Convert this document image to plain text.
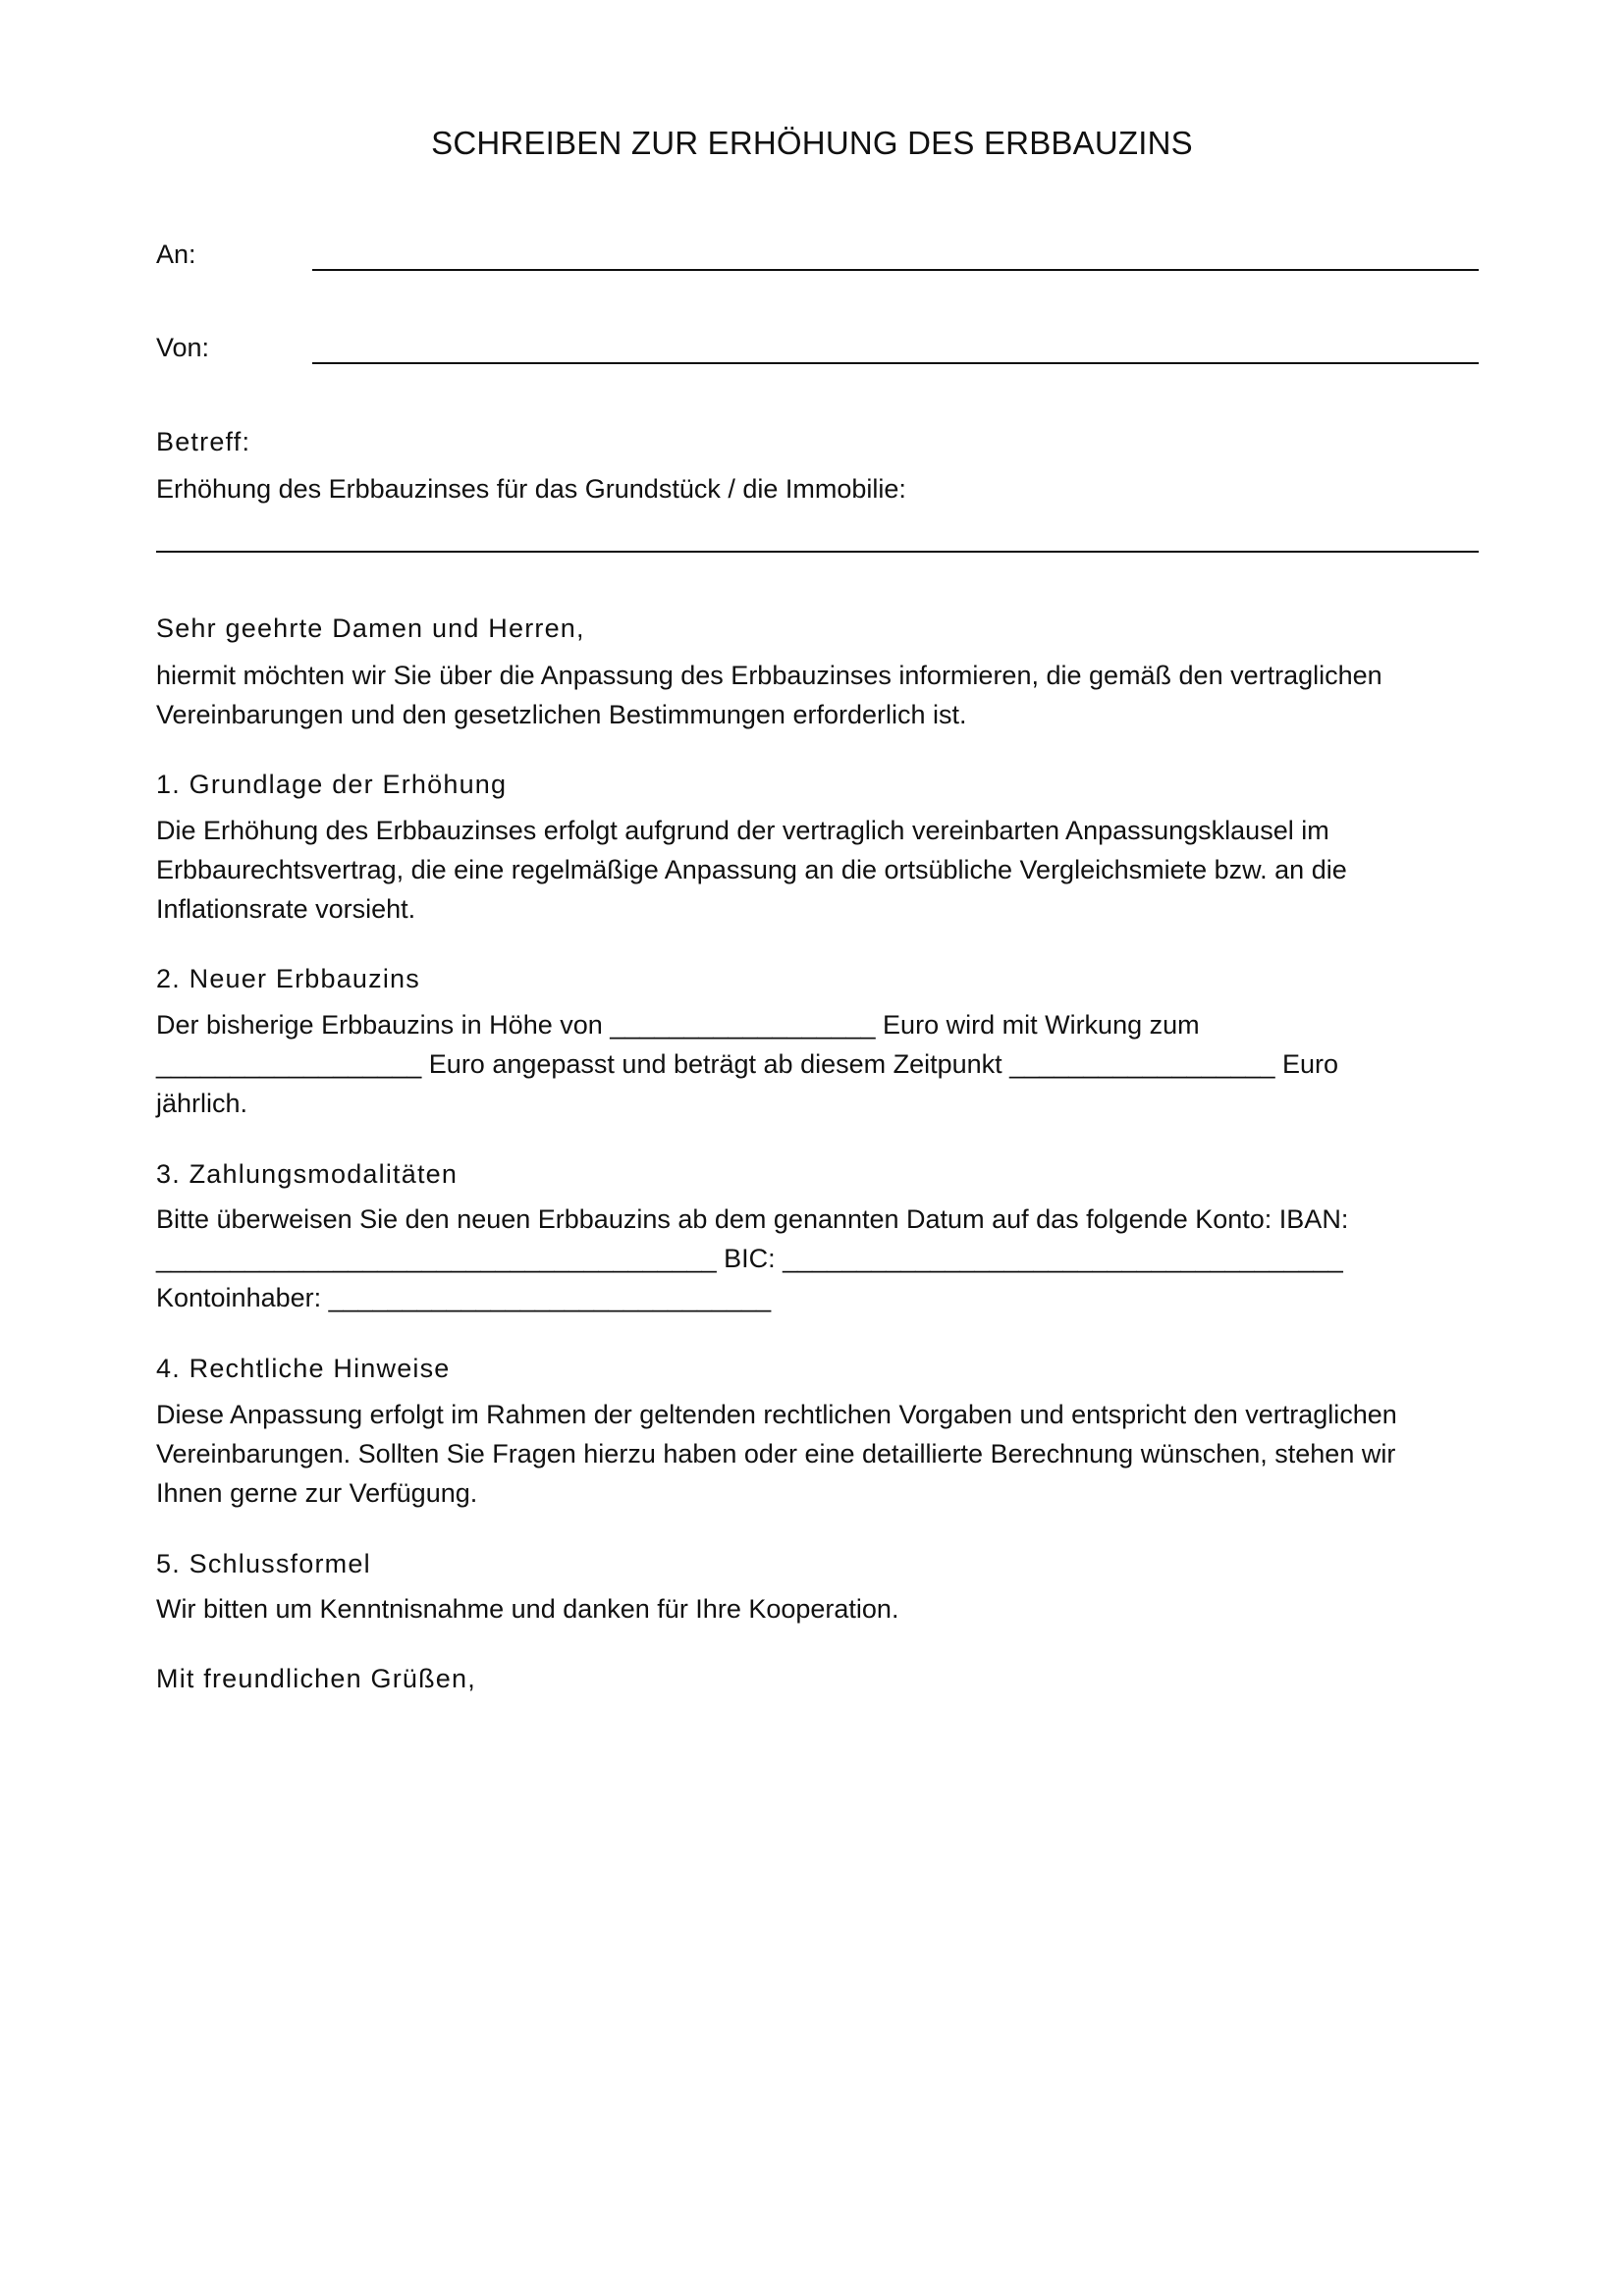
SCHREIBEN ZUR ERHÖHUNG DES ERBBAUZINS
An:
Von:
Betreff:
Erhöhung des Erbbauzinses für das Grundstück / die Immobilie:
Sehr geehrte Damen und Herren,
hiermit möchten wir Sie über die Anpassung des Erbbauzinses informieren, die gemäß den vertraglichen
Vereinbarungen und den gesetzlichen Bestimmungen erforderlich ist.
1. Grundlage der Erhöhung
Die Erhöhung des Erbbauzinses erfolgt aufgrund der vertraglich vereinbarten Anpassungsklausel im
Erbbaurechtsvertrag, die eine regelmäßige Anpassung an die ortsübliche Vergleichsmiete bzw. an die
Inflationsrate vorsieht.
2. Neuer Erbbauzins
Der bisherige Erbbauzins in Höhe von __________________ Euro wird mit Wirkung zum
__________________ Euro angepasst und beträgt ab diesem Zeitpunkt __________________ Euro
jährlich.
3. Zahlungsmodalitäten
Bitte überweisen Sie den neuen Erbbauzins ab dem genannten Datum auf das folgende Konto: IBAN:
______________________________________ BIC: ______________________________________
Kontoinhaber: ______________________________
4. Rechtliche Hinweise
Diese Anpassung erfolgt im Rahmen der geltenden rechtlichen Vorgaben und entspricht den vertraglichen
Vereinbarungen. Sollten Sie Fragen hierzu haben oder eine detaillierte Berechnung wünschen, stehen wir
Ihnen gerne zur Verfügung.
5. Schlussformel
Wir bitten um Kenntnisnahme und danken für Ihre Kooperation.
Mit freundlichen Grüßen,
